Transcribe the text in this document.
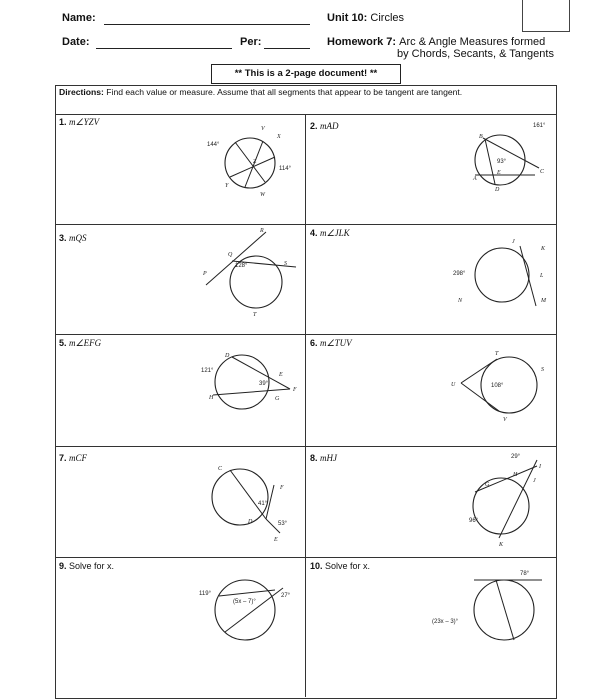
Name:
Date:	Per:
Unit 10: Circles
Homework 7: Arc & Angle Measures formed
by Chords, Secants, & Tangents
** This is a 2-page document! **
Directions: Find each value or measure. Assume that all segments that appear to be tangent are tangent.
1. m∠YZV	2. mAD
3. mQS	4. m∠JLK
5. m∠EFG	6. m∠TUV
7. mCF	8. mHJ
9. Solve for x.	10. Solve for x.
V
X
Z
Y
W
144°
114°
B
A
E
D
C
161°
93°
R
Q
P
S
T
128°
J
K
L
M
N
298°
D
E
F
G
H
121°
39°
T
S
U
V
108°
C
F
D
E
41°
53°
H
I
J
G
K
29°
96°
119°
(5x – 7)°
27°
78°
(23x – 3)°
